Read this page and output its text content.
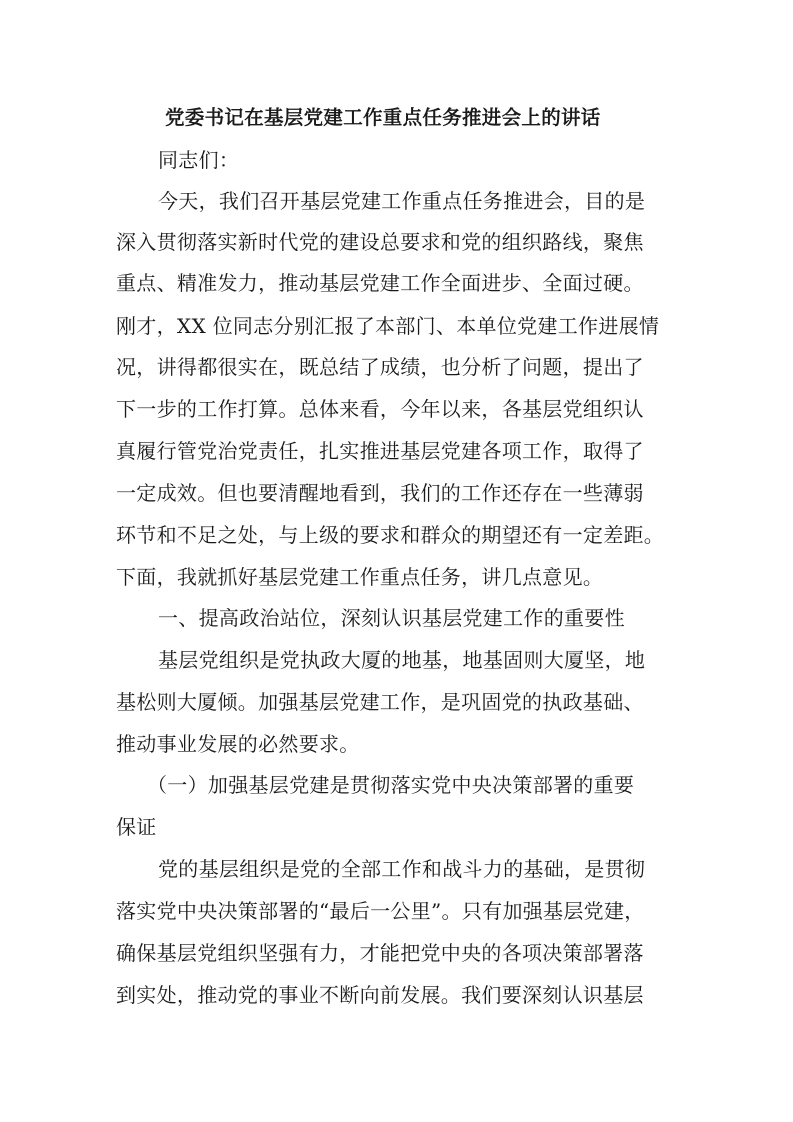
党委书记在基层党建工作重点任务推进会上的讲话
同志们：
今天，我们召开基层党建工作重点任务推进会，目的是
深入贯彻落实新时代党的建设总要求和党的组织路线，聚焦
重点、精准发力，推动基层党建工作全面进步、全面过硬。
刚才，XX 位同志分别汇报了本部门、本单位党建工作进展情
况，讲得都很实在，既总结了成绩，也分析了问题，提出了
下一步的工作打算。总体来看，今年以来，各基层党组织认
真履行管党治党责任，扎实推进基层党建各项工作，取得了
一定成效。但也要清醒地看到，我们的工作还存在一些薄弱
环节和不足之处，与上级的要求和群众的期望还有一定差距。
下面，我就抓好基层党建工作重点任务，讲几点意见。
一、提高政治站位，深刻认识基层党建工作的重要性
基层党组织是党执政大厦的地基，地基固则大厦坚，地
基松则大厦倾。加强基层党建工作，是巩固党的执政基础、
推动事业发展的必然要求。
（一）加强基层党建是贯彻落实党中央决策部署的重要
保证
党的基层组织是党的全部工作和战斗力的基础，是贯彻
落实党中央决策部署的“最后一公里”。只有加强基层党建，
确保基层党组织坚强有力，才能把党中央的各项决策部署落
到实处，推动党的事业不断向前发展。我们要深刻认识基层
